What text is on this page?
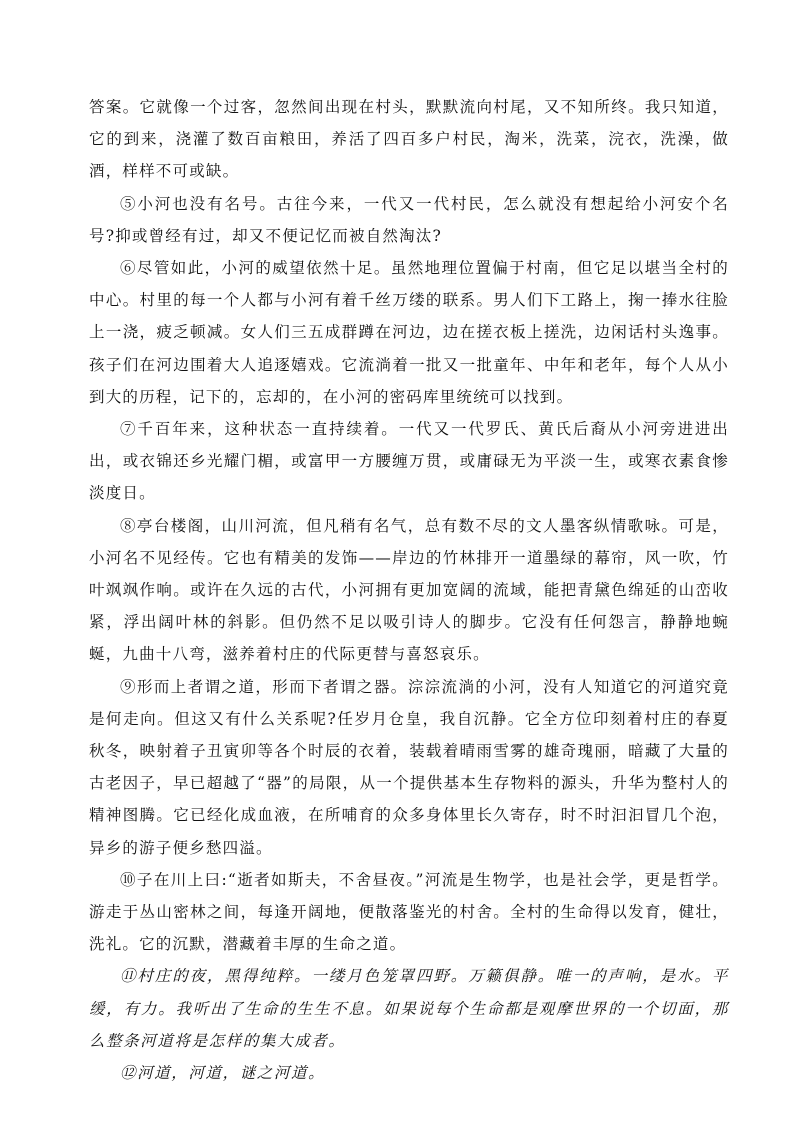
答案。它就像一个过客，忽然间出现在村头，默默流向村尾，又不知所终。我只知道，它的到来，浇灌了数百亩粮田，养活了四百多户村民，淘米，洗菜，浣衣，洗澡，做酒，样样不可或缺。

⑤小河也没有名号。古往今来，一代又一代村民，怎么就没有想起给小河安个名号?抑或曾经有过，却又不便记忆而被自然淘汰?

⑥尽管如此，小河的威望依然十足。虽然地理位置偏于村南，但它足以堪当全村的中心。村里的每一个人都与小河有着千丝万缕的联系。男人们下工路上，掬一捧水往脸上一浇，疲乏顿减。女人们三五成群蹲在河边，边在搓衣板上搓洗，边闲话村头逸事。孩子们在河边围着大人追逐嬉戏。它流淌着一批又一批童年、中年和老年，每个人从小到大的历程，记下的，忘却的，在小河的密码库里统统可以找到。

⑦千百年来，这种状态一直持续着。一代又一代罗氏、黄氏后裔从小河旁进进出出，或衣锦还乡光耀门楣，或富甲一方腰缠万贯，或庸碌无为平淡一生，或寒衣素食惨淡度日。

⑧亭台楼阁，山川河流，但凡稍有名气，总有数不尽的文人墨客纵情歌咏。可是，小河名不见经传。它也有精美的发饰——岸边的竹林排开一道墨绿的幕帘，风一吹，竹叶飒飒作响。或许在久远的古代，小河拥有更加宽阔的流域，能把青黛色绵延的山峦收紧，浮出阔叶林的斜影。但仍然不足以吸引诗人的脚步。它没有任何怨言，静静地蜿蜒，九曲十八弯，滋养着村庄的代际更替与喜怒哀乐。

⑨形而上者谓之道，形而下者谓之器。淙淙流淌的小河，没有人知道它的河道究竟是何走向。但这又有什么关系呢?任岁月仓皇，我自沉静。它全方位印刻着村庄的春夏秋冬，映射着子丑寅卯等各个时辰的衣着，装载着晴雨雪雾的雄奇瑰丽，暗藏了大量的古老因子，早已超越了“器”的局限，从一个提供基本生存物料的源头，升华为整村人的精神图腾。它已经化成血液，在所哺育的众多身体里长久寄存，时不时汩汩冒几个泡，异乡的游子便乡愁四溢。

⑩子在川上曰:“逝者如斯夫，不舍昼夜。”河流是生物学，也是社会学，更是哲学。游走于丛山密林之间，每逢开阔地，便散落鉴光的村舍。全村的生命得以发育，健壮，洗礼。它的沉默，潜藏着丰厚的生命之道。

⑪村庄的夜，黑得纯粹。一缕月色笼罩四野。万籁俱静。唯一的声响，是水。平缓，有力。我听出了生命的生生不息。如果说每个生命都是观摩世界的一个切面，那么整条河道将是怎样的集大成者。

⑫河道，河道，谜之河道。
